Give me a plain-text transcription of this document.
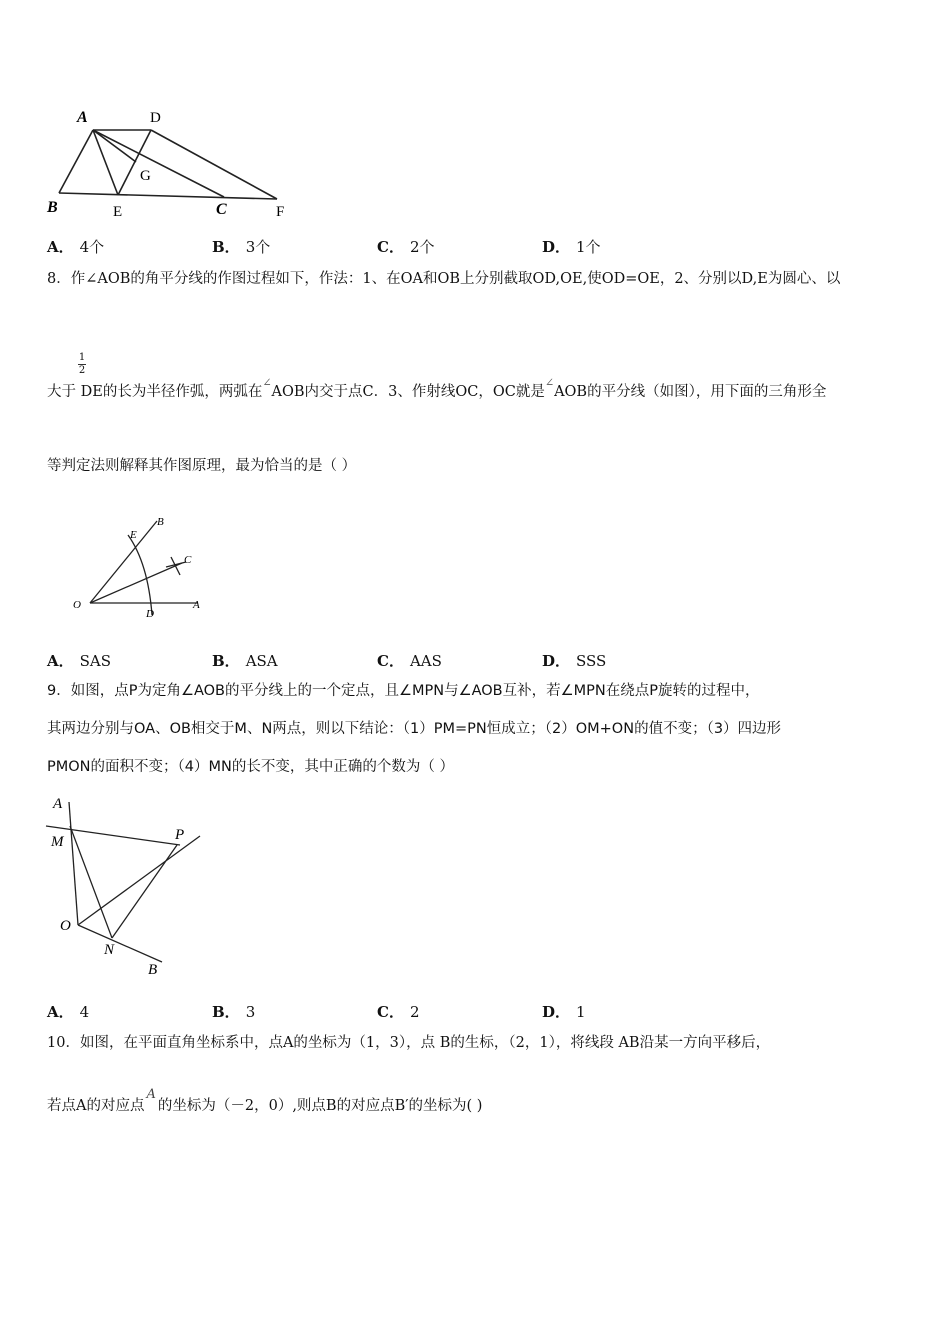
A	D
G
B	E	C	F
A． 4个	B． 3个	C． 2个	D． 1个
8．作∠AOB的角平分线的作图过程如下，作法：1、在OA和OB上分别截取OD,OE,使OD=OE，2、分别以D,E为圆心、以
1
2
大于 DE的长为半径作弧，两弧在∠AOB内交于点C．3、作射线OC，OC就是∠AOB的平分线（如图），用下面的三角形全
等判定法则解释其作图原理，最为恰当的是（ ）
B
E
C
O
D
A
A． SAS	B． ASA	C． AAS	D． SSS
9．如图，点P为定角∠AOB的平分线上的一个定点，且∠MPN与∠AOB互补，若∠MPN在绕点P旋转的过程中，
其两边分别与OA、OB相交于M、N两点，则以下结论：（1）PM=PN恒成立；（2）OM+ON的值不变；（3）四边形
PMON的面积不变；（4）MN的长不变，其中正确的个数为（ ）
A
M	P
O
N
B
A． 4	B． 3	C． 2	D． 1
10．如图，在平面直角坐标系中，点A的坐标为（1，3），点 B的生标，（2，1），将线段 AB沿某一方向平移后，
若点A的对应点A的坐标为（－2，0）,则点B的对应点B′的坐标为( )
